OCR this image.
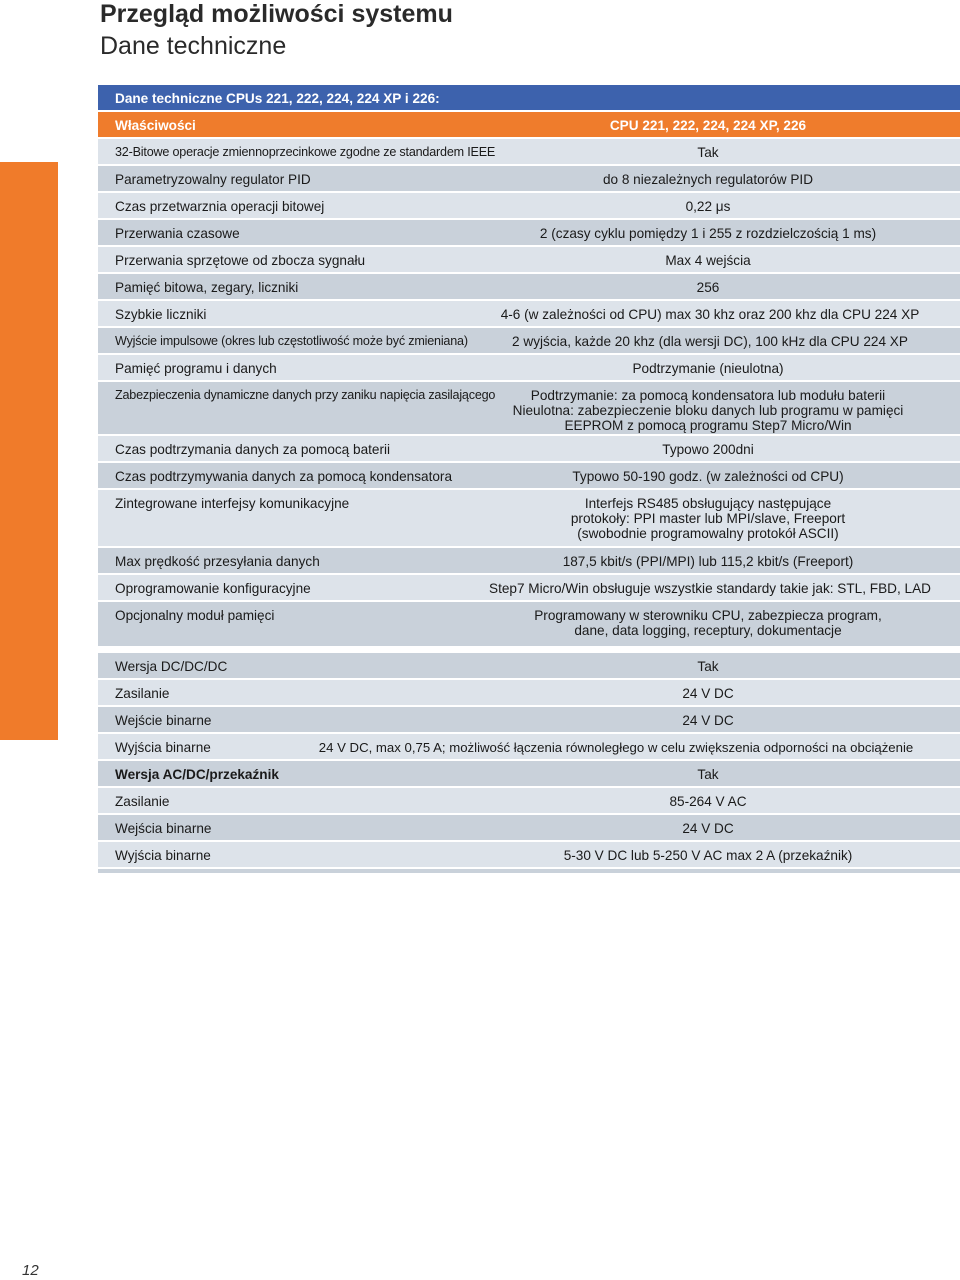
Przegląd możliwości systemu
Dane techniczne
Dane techniczne CPUs 221, 222, 224, 224 XP i 226:
Właściwości	CPU 221, 222, 224, 224 XP, 226
32-Bitowe operacje zmiennoprzecinkowe zgodne ze standardem IEEE	Tak
Parametryzowalny regulator PID	do 8 niezależnych regulatorów PID
Czas przetwarznia operacji bitowej	0,22 μs
Przerwania czasowe	2 (czasy cyklu pomiędzy 1 i 255 z rozdzielczością 1 ms)
Przerwania sprzętowe od zbocza sygnału	Max 4 wejścia
Pamięć bitowa, zegary, liczniki	256
Szybkie liczniki	4-6 (w zależności od CPU) max 30 khz oraz 200 khz dla CPU 224 XP
Wyjście impulsowe (okres lub częstotliwość może być zmieniana)	2 wyjścia, każde 20 khz (dla wersji DC), 100 kHz dla CPU 224 XP
Pamięć programu i danych	Podtrzymanie (nieulotna)
Zabezpieczenia dynamiczne danych przy zaniku napięcia zasilającego	Podtrzymanie: za pomocą kondensatora lub modułu baterii
Nieulotna: zabezpieczenie bloku danych lub programu w pamięci
EEPROM z pomocą programu Step7 Micro/Win
Czas podtrzymania danych za pomocą baterii	Typowo 200dni
Czas podtrzymywania danych za pomocą kondensatora	Typowo 50-190 godz. (w zależności od CPU)
Zintegrowane interfejsy komunikacyjne	Interfejs RS485 obsługujący następujące
protokoły: PPI master lub MPI/slave, Freeport
(swobodnie programowalny protokół ASCII)
Max prędkość przesyłania danych	187,5 kbit/s (PPI/MPI) lub 115,2 kbit/s (Freeport)
Oprogramowanie konfiguracyjne	Step7 Micro/Win obsługuje wszystkie standardy takie jak: STL, FBD, LAD
Opcjonalny moduł pamięci	Programowany w sterowniku CPU, zabezpiecza program,
dane, data logging, receptury, dokumentacje
Wersja DC/DC/DC	Tak
Zasilanie	24 V DC
Wejście binarne	24 V DC
Wyjścia binarne	24 V DC, max 0,75 A; możliwość łączenia równoległego w celu zwiększenia odporności na obciążenie
Wersja AC/DC/przekaźnik	Tak
Zasilanie	85-264 V AC
Wejścia binarne	24 V DC
Wyjścia binarne	5-30 V DC lub 5-250 V AC max 2 A (przekaźnik)
12
